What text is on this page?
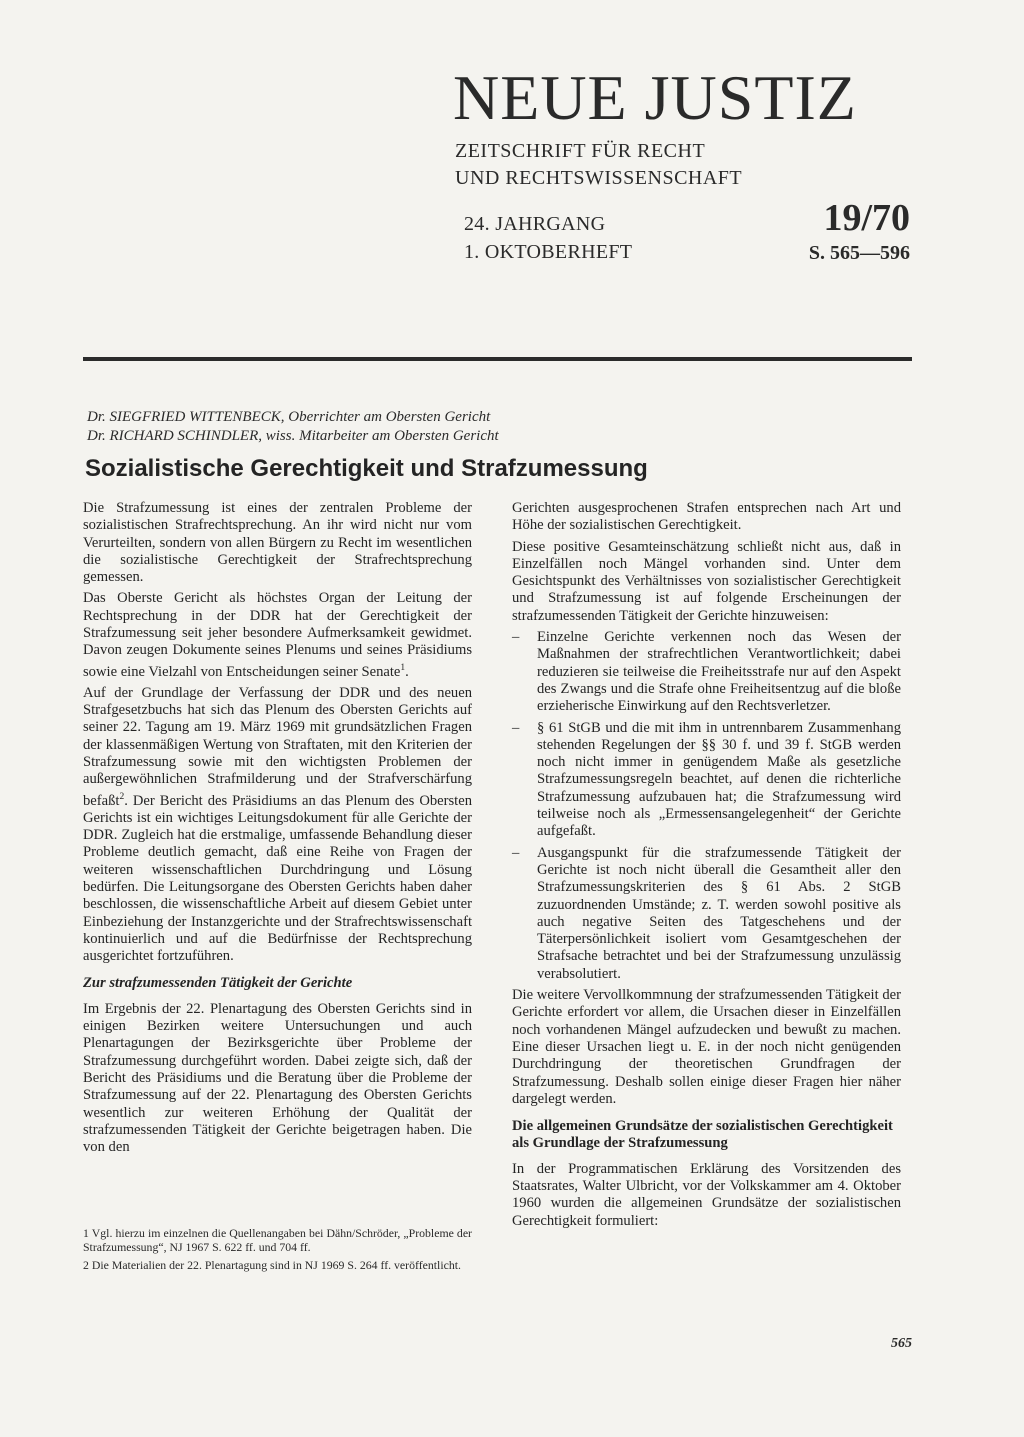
NEUE JUSTIZ
ZEITSCHRIFT FÜR RECHT
UND RECHTSWISSENSCHAFT
24. JAHRGANG
1. OKTOBERHEFT
19/70
S. 565—596
Dr. SIEGFRIED WITTENBECK, Oberrichter am Obersten Gericht
Dr. RICHARD SCHINDLER, wiss. Mitarbeiter am Obersten Gericht
Sozialistische Gerechtigkeit und Strafzumessung

Die Strafzumessung ist eines der zentralen Probleme der sozialistischen Strafrechtsprechung. An ihr wird nicht nur vom Verurteilten, sondern von allen Bürgern zu Recht im wesentlichen die sozialistische Gerechtigkeit der Strafrechtsprechung gemessen.

Das Oberste Gericht als höchstes Organ der Leitung der Rechtsprechung in der DDR hat der Gerechtigkeit der Strafzumessung seit jeher besondere Aufmerksamkeit gewidmet. Davon zeugen Dokumente seines Plenums und seines Präsidiums sowie eine Vielzahl von Entscheidungen seiner Senate$^1$.

Auf der Grundlage der Verfassung der DDR und des neuen Strafgesetzbuchs hat sich das Plenum des Obersten Gerichts auf seiner 22. Tagung am 19. März 1969 mit grundsätzlichen Fragen der klassenmäßigen Wertung von Straftaten, mit den Kriterien der Strafzumessung sowie mit den wichtigsten Problemen der außergewöhnlichen Strafmilderung und der Strafverschärfung befaßt$^2$. Der Bericht des Präsidiums an das Plenum des Obersten Gerichts ist ein wichtiges Leitungsdokument für alle Gerichte der DDR. Zugleich hat die erstmalige, umfassende Behandlung dieser Probleme deutlich gemacht, daß eine Reihe von Fragen der weiteren wissenschaftlichen Durchdringung und Lösung bedürfen. Die Leitungsorgane des Obersten Gerichts haben daher beschlossen, die wissenschaftliche Arbeit auf diesem Gebiet unter Einbeziehung der Instanzgerichte und der Strafrechtswissenschaft kontinuierlich und auf die Bedürfnisse der Rechtsprechung ausgerichtet fortzuführen.

Zur strafzumessenden Tätigkeit der Gerichte

Im Ergebnis der 22. Plenartagung des Obersten Gerichts sind in einigen Bezirken weitere Untersuchungen und auch Plenartagungen der Bezirksgerichte über Probleme der Strafzumessung durchgeführt worden. Dabei zeigte sich, daß der Bericht des Präsidiums und die Beratung über die Probleme der Strafzumessung auf der 22. Plenartagung des Obersten Gerichts wesentlich zur weiteren Erhöhung der Qualität der strafzumessenden Tätigkeit der Gerichte beigetragen haben. Die von den

1 Vgl. hierzu im einzelnen die Quellenangaben bei Dähn/Schröder, „Probleme der Strafzumessung“, NJ 1967 S. 622 ff. und 704 ff.

2 Die Materialien der 22. Plenartagung sind in NJ 1969 S. 264 ff. veröffentlicht.

Gerichten ausgesprochenen Strafen entsprechen nach Art und Höhe der sozialistischen Gerechtigkeit.

Diese positive Gesamteinschätzung schließt nicht aus, daß in Einzelfällen noch Mängel vorhanden sind. Unter dem Gesichtspunkt des Verhältnisses von sozialistischer Gerechtigkeit und Strafzumessung ist auf folgende Erscheinungen der strafzumessenden Tätigkeit der Gerichte hinzuweisen:

– Einzelne Gerichte verkennen noch das Wesen der Maßnahmen der strafrechtlichen Verantwortlichkeit; dabei reduzieren sie teilweise die Freiheitsstrafe nur auf den Aspekt des Zwangs und die Strafe ohne Freiheitsentzug auf die bloße erzieherische Einwirkung auf den Rechtsverletzer.
– § 61 StGB und die mit ihm in untrennbarem Zusammenhang stehenden Regelungen der §§ 30 f. und 39 f. StGB werden noch nicht immer in genügendem Maße als gesetzliche Strafzumessungsregeln beachtet, auf denen die richterliche Strafzumessung aufzubauen hat; die Strafzumessung wird teilweise noch als „Ermessensangelegenheit“ der Gerichte aufgefaßt.
– Ausgangspunkt für die strafzumessende Tätigkeit der Gerichte ist noch nicht überall die Gesamtheit aller den Strafzumessungskriterien des § 61 Abs. 2 StGB zuzuordnenden Umstände; z. T. werden sowohl positive als auch negative Seiten des Tatgeschehens und der Täterpersönlichkeit isoliert vom Gesamtgeschehen der Strafsache betrachtet und bei der Strafzumessung unzulässig verabsolutiert.

Die weitere Vervollkommnung der strafzumessenden Tätigkeit der Gerichte erfordert vor allem, die Ursachen dieser in Einzelfällen noch vorhandenen Mängel aufzudecken und bewußt zu machen. Eine dieser Ursachen liegt u. E. in der noch nicht genügenden Durchdringung der theoretischen Grundfragen der Strafzumessung. Deshalb sollen einige dieser Fragen hier näher dargelegt werden.

Die allgemeinen Grundsätze der sozialistischen Gerechtigkeit als Grundlage der Strafzumessung

In der Programmatischen Erklärung des Vorsitzenden des Staatsrates, Walter Ulbricht, vor der Volkskammer am 4. Oktober 1960 wurden die allgemeinen Grundsätze der sozialistischen Gerechtigkeit formuliert:

565
